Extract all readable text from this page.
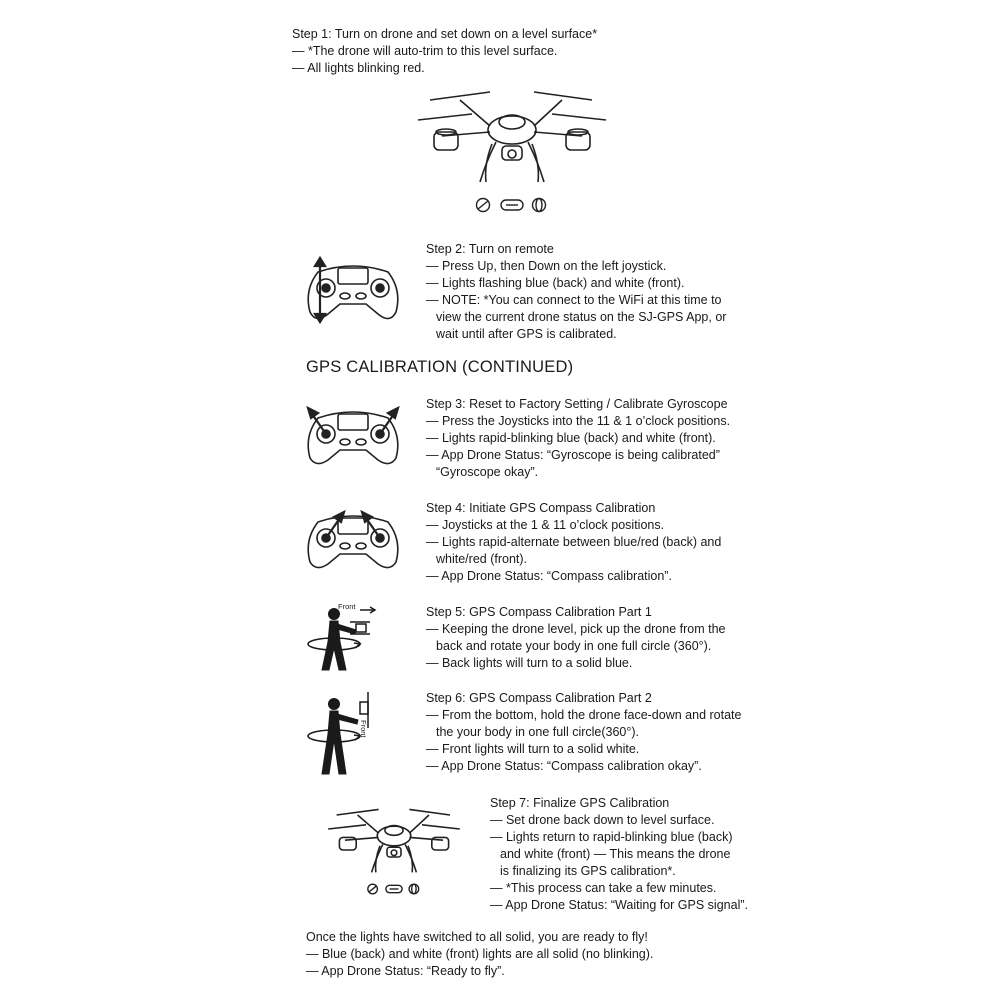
Step 1: Turn on drone and set down on a level surface*
— *The drone will auto-trim to this level surface.
— All lights blinking red.
Step 2: Turn on remote
— Press Up, then Down on the left joystick.
— Lights flashing blue (back) and white (front).
— NOTE: *You can connect to the WiFi at this time to
view the current drone status on the SJ-GPS App, or
wait until after GPS is calibrated.
GPS CALIBRATION (CONTINUED)
Step 3: Reset to Factory Setting / Calibrate Gyroscope
— Press the Joysticks into the 11 & 1 o’clock positions.
— Lights rapid-blinking blue (back) and white (front).
— App Drone Status: “Gyroscope is being calibrated”
“Gyroscope okay”.
Step 4: Initiate GPS Compass Calibration
— Joysticks at the 1 & 11 o’clock positions.
— Lights rapid-alternate between blue/red (back) and
white/red (front).
— App Drone Status: “Compass calibration”.
Front	Step 5: GPS Compass Calibration Part 1
— Keeping the drone level, pick up the drone from the
back and rotate your body in one full circle (360°).
— Back lights will turn to a solid blue.
Front
Step 6: GPS Compass Calibration Part 2
— From the bottom, hold the drone face-down and rotate
the your body in one full circle(360°).
— Front lights will turn to a solid white.
— App Drone Status: “Compass calibration okay”.
Step 7: Finalize GPS Calibration
— Set drone back down to level surface.
— Lights return to rapid-blinking blue (back)
and white (front) — This means the drone
is finalizing its GPS calibration*.
— *This process can take a few minutes.
— App Drone Status: “Waiting for GPS signal”.
Once the lights have switched to all solid, you are ready to fly!
— Blue (back) and white (front) lights are all solid (no blinking).
— App Drone Status: “Ready to fly”.
